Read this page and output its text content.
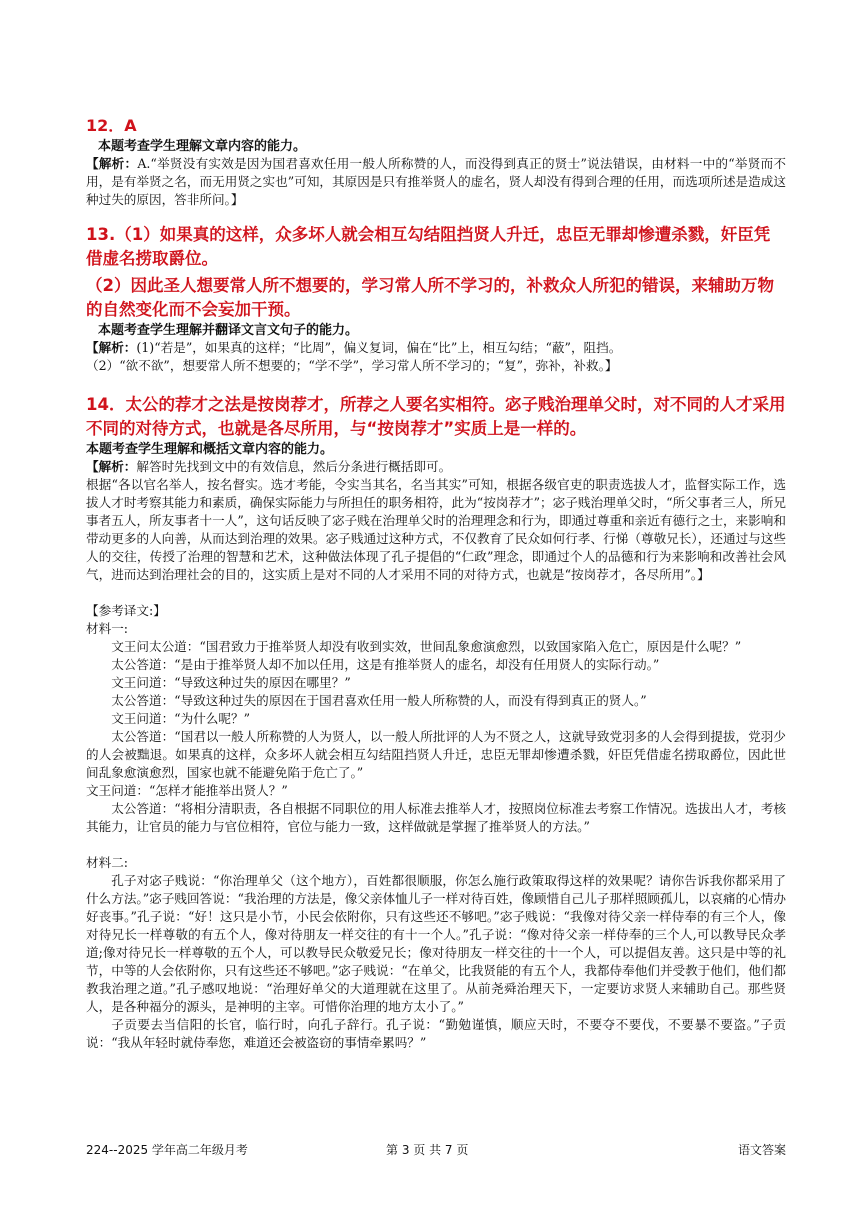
12．A

本题考查学生理解文章内容的能力。

【解析：A.“举贤没有实效是因为国君喜欢任用一般人所称赞的人，而没得到真正的贤士”说法错误，由材料一中的“举贤而不用，是有举贤之名，而无用贤之实也”可知，其原因是只有推举贤人的虚名，贤人却没有得到合理的任用，而选项所述是造成这种过失的原因，答非所问。】

13.（1）如果真的这样，众多坏人就会相互勾结阻挡贤人升迁，忠臣无罪却惨遭杀戮，奸臣凭借虚名捞取爵位。

（2）因此圣人想要常人所不想要的，学习常人所不学习的，补救众人所犯的错误，来辅助万物的自然变化而不会妄加干预。

本题考查学生理解并翻译文言文句子的能力。

【解析：(1)“若是”，如果真的这样；“比周”，偏义复词，偏在“比”上，相互勾结；“蔽”，阻挡。

（2）“欲不欲”，想要常人所不想要的；“学不学”，学习常人所不学习的；“复”，弥补，补救。】

14．太公的荐才之法是按岗荐才，所荐之人要名实相符。宓子贱治理单父时，对不同的人才采用不同的对待方式，也就是各尽所用，与“按岗荐才”实质上是一样的。

本题考查学生理解和概括文章内容的能力。

【解析：解答时先找到文中的有效信息，然后分条进行概括即可。

根据“各以官名举人，按名督实。选才考能，令实当其名，名当其实”可知，根据各级官吏的职责选拔人才，监督实际工作，选拔人才时考察其能力和素质，确保实际能力与所担任的职务相符，此为“按岗荐才”；宓子贱治理单父时，“所父事者三人，所兄事者五人，所友事者十一人”，这句话反映了宓子贱在治理单父时的治理理念和行为，即通过尊重和亲近有德行之士，来影响和带动更多的人向善，从而达到治理的效果。宓子贱通过这种方式，不仅教育了民众如何行孝、行悌（尊敬兄长），还通过与这些人的交往，传授了治理的智慧和艺术，这种做法体现了孔子提倡的“仁政”理念，即通过个人的品德和行为来影响和改善社会风气，进而达到治理社会的目的，这实质上是对不同的人才采用不同的对待方式，也就是“按岗荐才，各尽所用”。】

【参考译文:】

材料一:

文王问太公道：“国君致力于推举贤人却没有收到实效，世间乱象愈演愈烈，以致国家陷入危亡，原因是什么呢？”

太公答道：“是由于推举贤人却不加以任用，这是有推举贤人的虚名，却没有任用贤人的实际行动。”

文王问道：“导致这种过失的原因在哪里？”

太公答道：“导致这种过失的原因在于国君喜欢任用一般人所称赞的人，而没有得到真正的贤人。”

文王问道：“为什么呢？”

太公答道：“国君以一般人所称赞的人为贤人，以一般人所批评的人为不贤之人，这就导致党羽多的人会得到提拔，党羽少的人会被黜退。如果真的这样，众多坏人就会相互勾结阻挡贤人升迁，忠臣无罪却惨遭杀戮，奸臣凭借虚名捞取爵位，因此世间乱象愈演愈烈，国家也就不能避免陷于危亡了。”

文王问道：“怎样才能推举出贤人？”

太公答道：“将相分清职责，各自根据不同职位的用人标准去推举人才，按照岗位标准去考察工作情况。选拔出人才，考核其能力，让官员的能力与官位相符，官位与能力一致，这样做就是掌握了推举贤人的方法。”

材料二:

孔子对宓子贱说：“你治理单父（这个地方），百姓都很顺服，你怎么施行政策取得这样的效果呢？请你告诉我你都采用了什么方法。”宓子贱回答说：“我治理的方法是，像父亲体恤儿子一样对待百姓，像顾惜自己儿子那样照顾孤儿，以哀痛的心情办好丧事。”孔子说：“好！这只是小节，小民会依附你，只有这些还不够吧。”宓子贱说：“我像对待父亲一样侍奉的有三个人，像对待兄长一样尊敬的有五个人，像对待朋友一样交往的有十一个人。”孔子说：“像对待父亲一样侍奉的三个人,可以教导民众孝道;像对待兄长一样尊敬的五个人，可以教导民众敬爱兄长；像对待朋友一样交往的十一个人，可以提倡友善。这只是中等的礼节，中等的人会依附你，只有这些还不够吧。”宓子贱说：“在单父，比我贤能的有五个人，我都侍奉他们并受教于他们，他们都教我治理之道。”孔子感叹地说：“治理好单父的大道理就在这里了。从前尧舜治理天下，一定要访求贤人来辅助自己。那些贤人，是各种福分的源头，是神明的主宰。可惜你治理的地方太小了。”

子贡要去当信阳的长官，临行时，向孔子辞行。孔子说：“勤勉谨慎，顺应天时，不要夺不要伐，不要暴不要盗。”子贡说：“我从年轻时就侍奉您，难道还会被盗窃的事情牵累吗？”

224--2025 学年高二年级月考	第 3 页 共 7 页	语文答案
